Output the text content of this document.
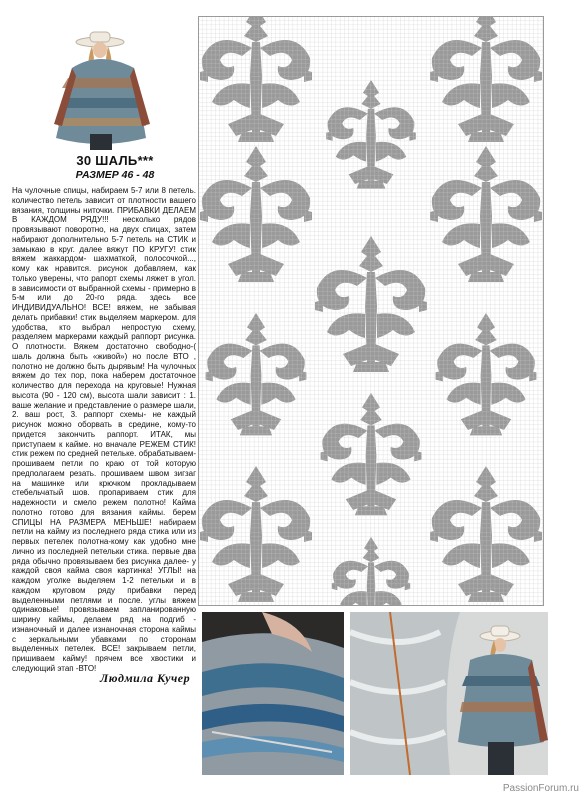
30 ШАЛЬ***
РАЗМЕР 46 - 48
На чулочные спицы, набираем 5-7 или 8 петель. количество петель зависит от плотности вашего вязания, толщины ниточки. ПРИБАВКИ ДЕЛАЕМ В КАЖДОМ РЯДУ!!! несколько рядов провязывают поворотно, на двух спицах, затем набирают дополнительно 5-7 петель на СТИК и замыкаю в круг. далее вяжут ПО КРУГУ! стик вяжем жаккардом- шахматкой, полосочкой..., кому как нравится. рисунок добавляем, как только уверены, что рапорт схемы ляжет в угол. в зависимости от выбранной схемы - примерно в 5-м или до 20-го ряда. здесь все ИНДИВИДУАЛЬНО! ВСЕ! вяжем, не забывая делать прибавки! стик выделяем маркером. для удобства, кто выбрал непростую схему, разделяем маркерами каждый раппорт рисунка. О плотности. Вяжем достаточно свободно-( шаль должна быть «живой») но после ВТО , полотно не должно быть дырявым! На чулочных вяжем до тех пор, пока наберем достаточное количество для перехода на круговые! Нужная высота (90 - 120 см), высота шали зависит : 1. ваше желание и представление о размере шали, 2. ваш рост, 3. раппорт схемы- не каждый рисунок можно оборвать в средине, кому-то придется закончить раппорт. ИТАК, мы приступаем к кайме. но вначале РЕЖЕМ СТИК! стик режем по средней петельке. обрабатываем- прошиваем петли по краю от той которую предполагаем резать. прошиваем швом зигзаг на машинке или крючком прокладываем стебельчатый шов. пропариваем стик для надежности и смело режем полотно! Кайма полотно готово для вязания каймы. берем СПИЦЫ НА РАЗМЕРА МЕНЬШЕ! набираем петли на кайму из последнего ряда стика или из первых петелек полотна-кому как удобно мне лично из последней петельки стика. первые два ряда обычно провязываем без рисунка далее- у каждой своя кайма своя картинка! УГЛЫ! на каждом уголке выделяем 1-2 петельки и в каждом круговом ряду прибавки перед выделенными петлями и после. углы вяжем одинаковые! провязываем запланированную ширину каймы, делаем ряд на подгиб - изнаночный и далее изнаночная сторона каймы с зеркальными убавками по сторонам выделенных петелек. ВСЕ! закрываем петли, пришиваем кайму! прячем все хвостики и следующий этап -ВТО!
Людмила Кучер
PassionForum.ru
